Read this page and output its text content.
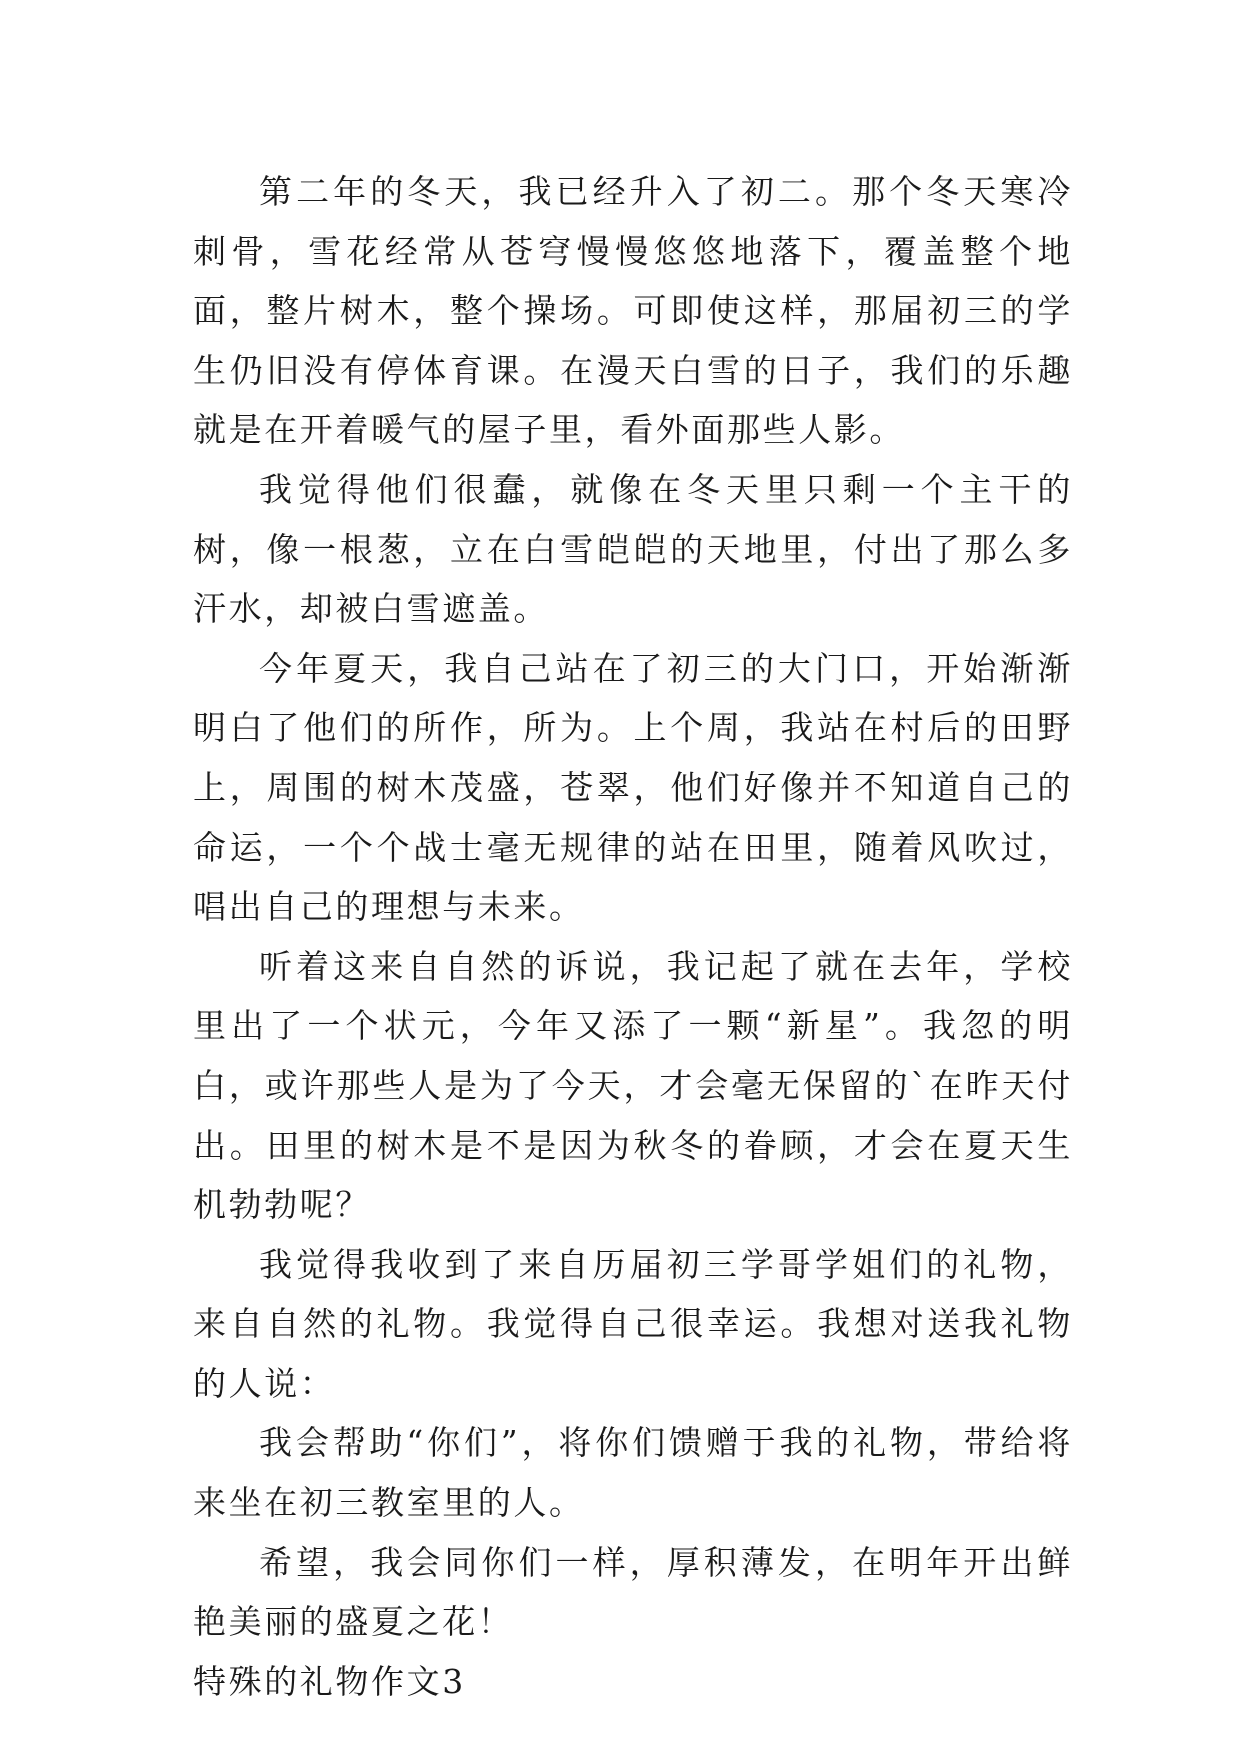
第二年的冬天，我已经升入了初二。那个冬天寒冷刺骨，雪花经常从苍穹慢慢悠悠地落下，覆盖整个地面，整片树木，整个操场。可即使这样，那届初三的学生仍旧没有停体育课。在漫天白雪的日子，我们的乐趣就是在开着暖气的屋子里，看外面那些人影。

我觉得他们很蠢，就像在冬天里只剩一个主干的树，像一根葱，立在白雪皑皑的天地里，付出了那么多汗水，却被白雪遮盖。

今年夏天，我自己站在了初三的大门口，开始渐渐明白了他们的所作，所为。上个周，我站在村后的田野上，周围的树木茂盛，苍翠，他们好像并不知道自己的命运，一个个战士毫无规律的站在田里，随着风吹过，唱出自己的理想与未来。

听着这来自自然的诉说，我记起了就在去年，学校里出了一个状元，今年又添了一颗“新星”。我忽的明白，或许那些人是为了今天，才会毫无保留的`在昨天付出。田里的树木是不是因为秋冬的眷顾，才会在夏天生机勃勃呢？

我觉得我收到了来自历届初三学哥学姐们的礼物，来自自然的礼物。我觉得自己很幸运。我想对送我礼物的人说：

我会帮助“你们”，将你们馈赠于我的礼物，带给将来坐在初三教室里的人。

希望，我会同你们一样，厚积薄发，在明年开出鲜艳美丽的盛夏之花！

特殊的礼物作文3
